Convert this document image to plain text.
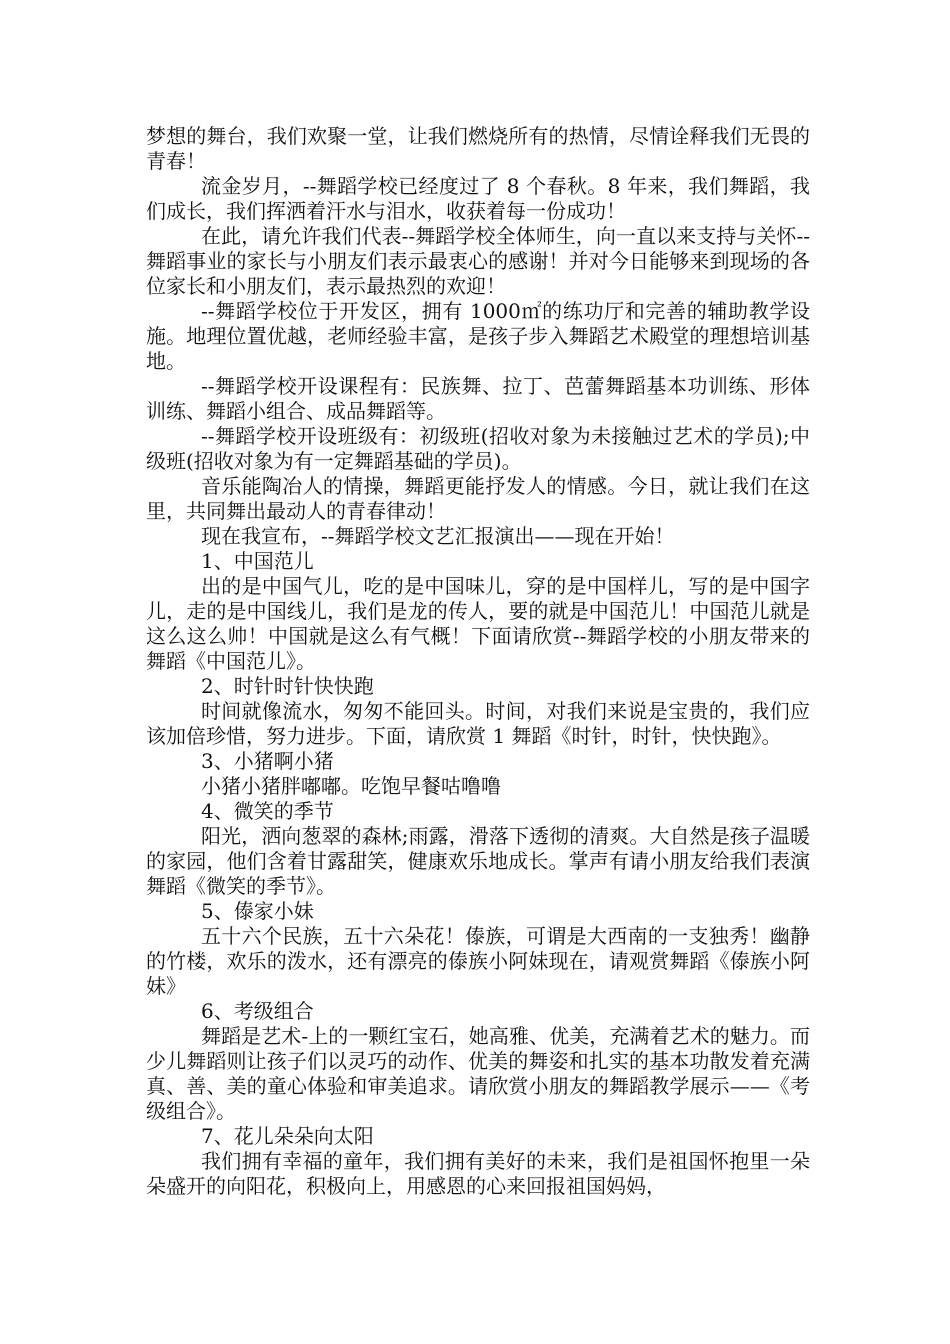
梦想的舞台，我们欢聚一堂，让我们燃烧所有的热情，尽情诠释我们无畏的青春！

流金岁月，--舞蹈学校已经度过了 8 个春秋。8 年来，我们舞蹈，我们成长，我们挥洒着汗水与泪水，收获着每一份成功！

在此，请允许我们代表--舞蹈学校全体师生，向一直以来支持与关怀--舞蹈事业的家长与小朋友们表示最衷心的感谢！并对今日能够来到现场的各位家长和小朋友们，表示最热烈的欢迎！

--舞蹈学校位于开发区，拥有 1000㎡的练功厅和完善的辅助教学设施。地理位置优越，老师经验丰富，是孩子步入舞蹈艺术殿堂的理想培训基地。

--舞蹈学校开设课程有：民族舞、拉丁、芭蕾舞蹈基本功训练、形体训练、舞蹈小组合、成品舞蹈等。

--舞蹈学校开设班级有：初级班(招收对象为未接触过艺术的学员);中级班(招收对象为有一定舞蹈基础的学员)。

音乐能陶冶人的情操，舞蹈更能抒发人的情感。今日，就让我们在这里，共同舞出最动人的青春律动！

现在我宣布，--舞蹈学校文艺汇报演出——现在开始！

1、中国范儿

出的是中国气儿，吃的是中国味儿，穿的是中国样儿，写的是中国字儿，走的是中国线儿，我们是龙的传人，要的就是中国范儿！中国范儿就是这么这么帅！中国就是这么有气概！下面请欣赏--舞蹈学校的小朋友带来的舞蹈《中国范儿》。

2、时针时针快快跑

时间就像流水，匆匆不能回头。时间，对我们来说是宝贵的，我们应该加倍珍惜，努力进步。下面，请欣赏 1 舞蹈《时针，时针，快快跑》。

3、小猪啊小猪

小猪小猪胖嘟嘟。吃饱早餐咕噜噜

4、微笑的季节

阳光，洒向葱翠的森林;雨露，滑落下透彻的清爽。大自然是孩子温暖的家园，他们含着甘露甜笑，健康欢乐地成长。掌声有请小朋友给我们表演舞蹈《微笑的季节》。

5、傣家小妹

五十六个民族，五十六朵花！傣族，可谓是大西南的一支独秀！幽静的竹楼，欢乐的泼水，还有漂亮的傣族小阿妹现在，请观赏舞蹈《傣族小阿妹》

6、考级组合

舞蹈是艺术-上的一颗红宝石，她高雅、优美，充满着艺术的魅力。而少儿舞蹈则让孩子们以灵巧的动作、优美的舞姿和扎实的基本功散发着充满真、善、美的童心体验和审美追求。请欣赏小朋友的舞蹈教学展示——《考级组合》。

7、花儿朵朵向太阳

我们拥有幸福的童年，我们拥有美好的未来，我们是祖国怀抱里一朵朵盛开的向阳花，积极向上，用感恩的心来回报祖国妈妈，
